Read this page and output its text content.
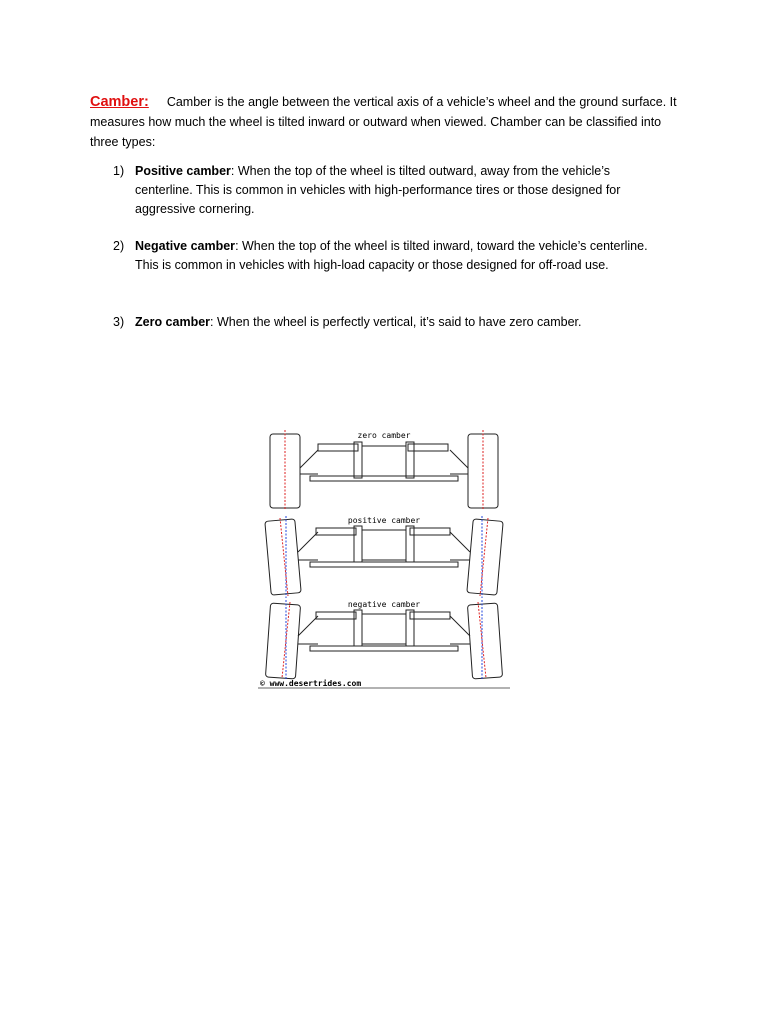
Camber: Camber is the angle between the vertical axis of a vehicle’s wheel and the ground surface. It measures how much the wheel is tilted inward or outward when viewed. Chamber can be classified into three types:

1) Positive camber: When the top of the wheel is tilted outward, away from the vehicle’s centerline. This is common in vehicles with high-performance tires or those designed for aggressive cornering.
2) Negative camber: When the top of the wheel is tilted inward, toward the vehicle’s centerline. This is common in vehicles with high-load capacity or those designed for off-road use.
3) Zero camber: When the wheel is perfectly vertical, it’s said to have zero camber.
zero camber
positive camber
negative camber
© www.desertrides.com
